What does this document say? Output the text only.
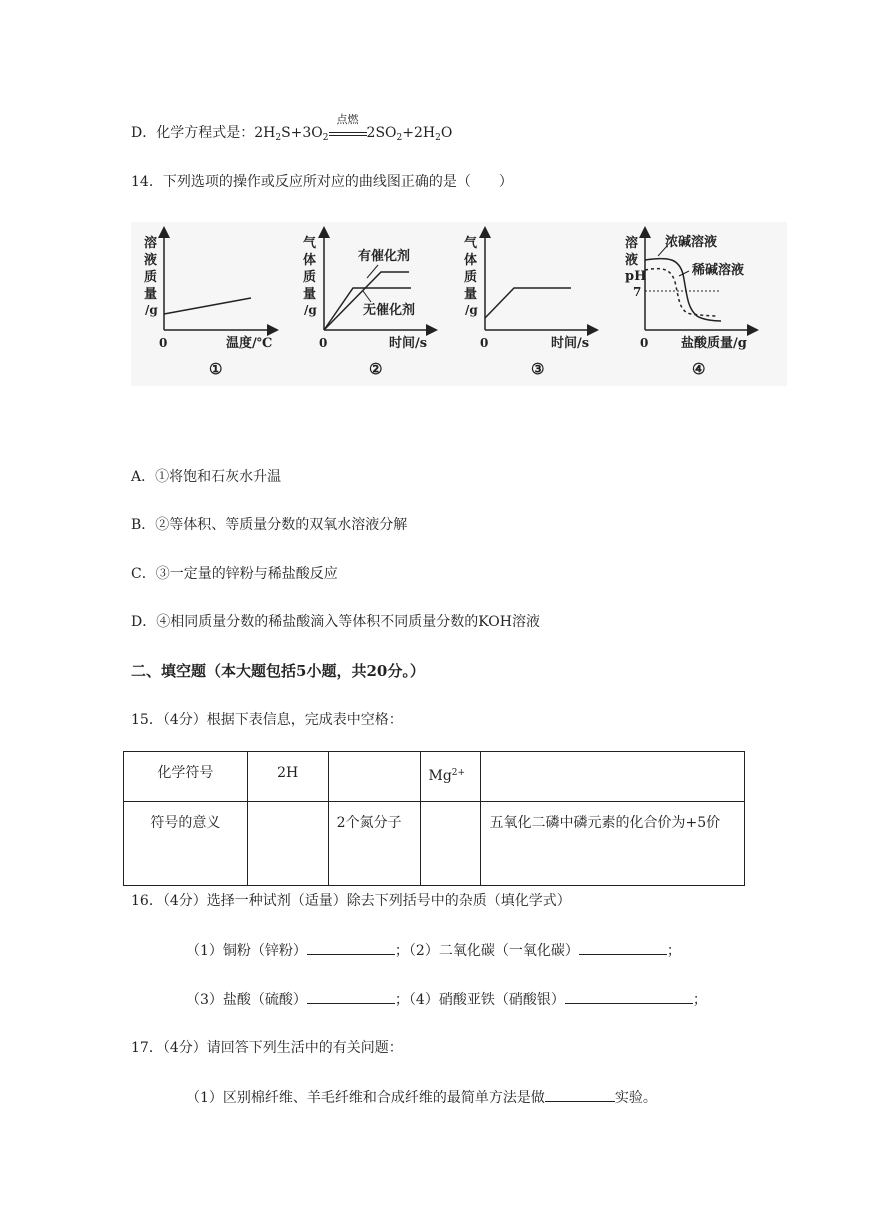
D．化学方程式是：$2H_2S+3O_2$
点燃
$2SO_2+2H_2O$
14．下列选项的操作或反应所对应的曲线图正确的是（　　）
溶
液
质
量
/g
0	温度/℃
①
气
体
质
量
/g
有催化剂
无催化剂
0	时间/s
②
气
体
质
量
/g
0	时间/s
③
溶
液
pH
7
浓碱溶液
稀碱溶液
0	盐酸质量/g
④
A．①将饱和石灰水升温
B．②等体积、等质量分数的双氧水溶液分解
C．③一定量的锌粉与稀盐酸反应
D．④相同质量分数的稀盐酸滴入等体积不同质量分数的KOH溶液
二、填空题（本大题包括5小题，共20分。）
15．（4分）根据下表信息，完成表中空格：
化学符号	2H		$Mg^{2+}$	
符号的意义		2个氮分子		五氧化二磷中磷元素的化合价为+5价
16．（4分）选择一种试剂（适量）除去下列括号中的杂质（填化学式）
（1）铜粉（锌粉）	；（2）二氧化碳（一氧化碳）	；
（3）盐酸（硫酸）	；（4）硝酸亚铁（硝酸银）	；
17．（4分）请回答下列生活中的有关问题：
（1）区别棉纤维、羊毛纤维和合成纤维的最简单方法是做	实验。
